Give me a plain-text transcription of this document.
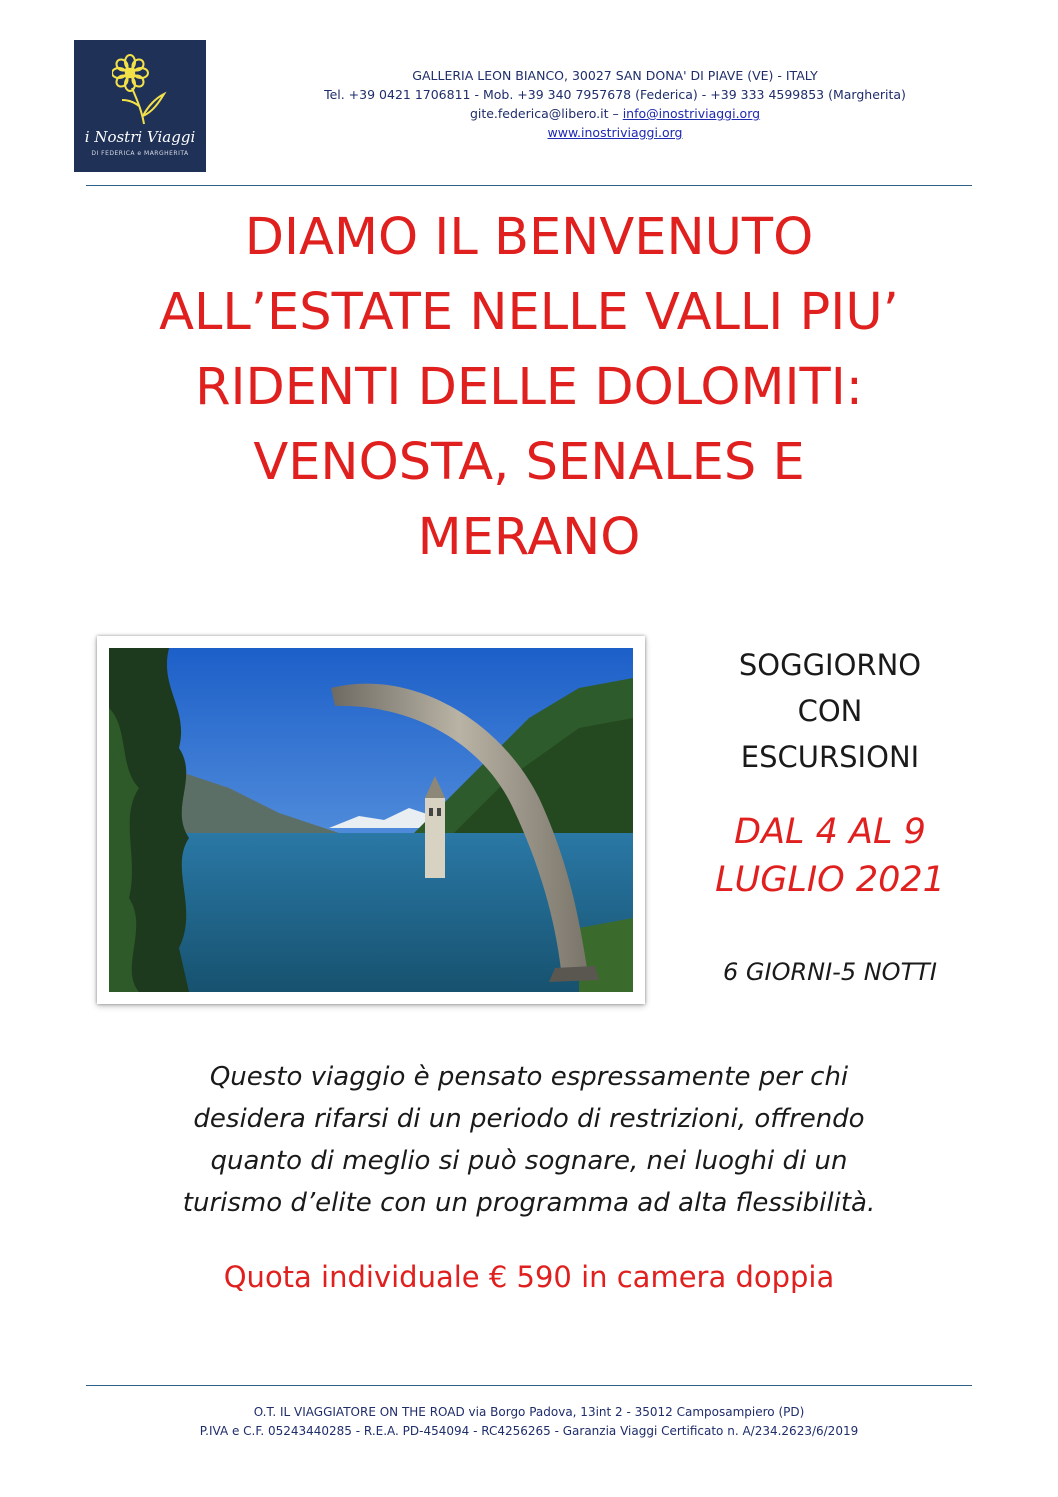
i Nostri Viaggi
DI FEDERICA e MARGHERITA
GALLERIA LEON BIANCO, 30027 SAN DONA' DI PIAVE (VE) - ITALY
Tel. +39 0421 1706811 - Mob. +39 340 7957678 (Federica) - +39 333 4599853 (Margherita)
gite.federica@libero.it – info@inostriviaggi.org
www.inostriviaggi.org
DIAMO IL BENVENUTO
ALL’ESTATE NELLE VALLI PIU’
RIDENTI DELLE DOLOMITI:
VENOSTA, SENALES E
MERANO
SOGGIORNO
CON
ESCURSIONI
DAL 4 AL 9
LUGLIO 2021
6 GIORNI-5 NOTTI
Questo viaggio è pensato espressamente per chi
desidera rifarsi di un periodo di restrizioni, offrendo
quanto di meglio si può sognare, nei luoghi di un
turismo d’elite con un programma ad alta flessibilità.
Quota individuale € 590 in camera doppia
O.T. IL VIAGGIATORE ON THE ROAD via Borgo Padova, 13int 2 - 35012 Camposampiero (PD)
P.IVA e C.F. 05243440285 - R.E.A. PD-454094 - RC4256265 - Garanzia Viaggi Certificato n. A/234.2623/6/2019
